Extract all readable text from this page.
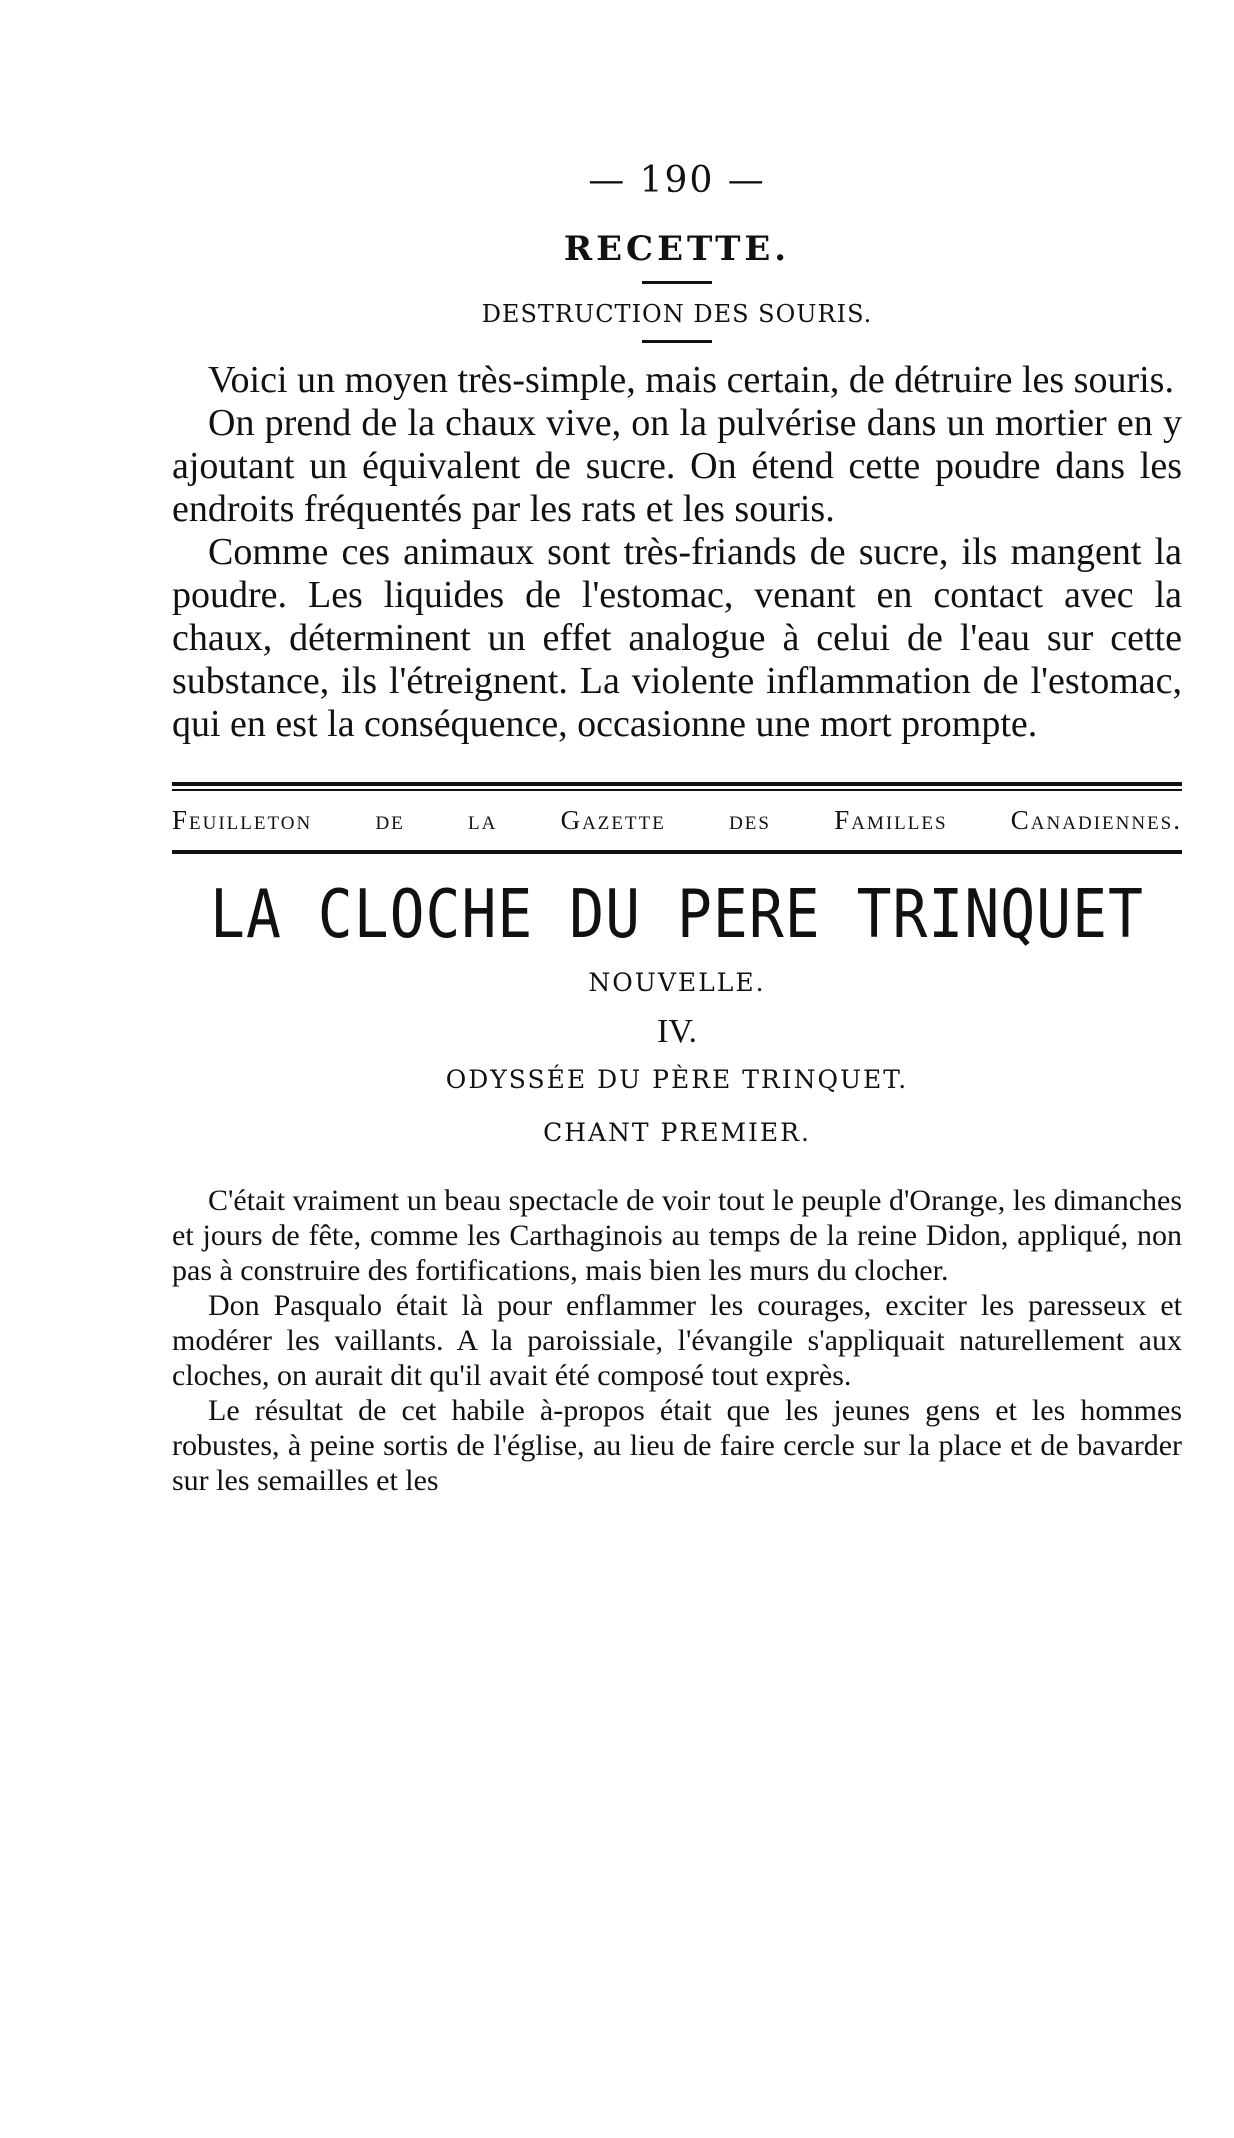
— 190 —
RECETTE.
DESTRUCTION DES SOURIS.

Voici un moyen très-simple, mais certain, de détruire les souris.

On prend de la chaux vive, on la pulvérise dans un mortier en y ajoutant un équivalent de sucre. On étend cette poudre dans les endroits fréquentés par les rats et les souris.

Comme ces animaux sont très-friands de sucre, ils mangent la poudre. Les liquides de l'estomac, venant en contact avec la chaux, déterminent un effet analogue à celui de l'eau sur cette substance, ils l'étreignent. La violente inflammation de l'estomac, qui en est la conséquence, occasionne une mort prompte.

Feuilleton de la Gazette des Familles Canadiennes.
LA CLOCHE DU PERE TRINQUET
NOUVELLE.
IV.
ODYSSÉE DU PÈRE TRINQUET.
CHANT PREMIER.

C'était vraiment un beau spectacle de voir tout le peuple d'Orange, les dimanches et jours de fête, comme les Carthaginois au temps de la reine Didon, appliqué, non pas à construire des fortifications, mais bien les murs du clocher.

Don Pasqualo était là pour enflammer les courages, exciter les paresseux et modérer les vaillants. A la paroissiale, l'évangile s'appliquait naturellement aux cloches, on aurait dit qu'il avait été composé tout exprès.

Le résultat de cet habile à-propos était que les jeunes gens et les hommes robustes, à peine sortis de l'église, au lieu de faire cercle sur la place et de bavarder sur les semailles et les
